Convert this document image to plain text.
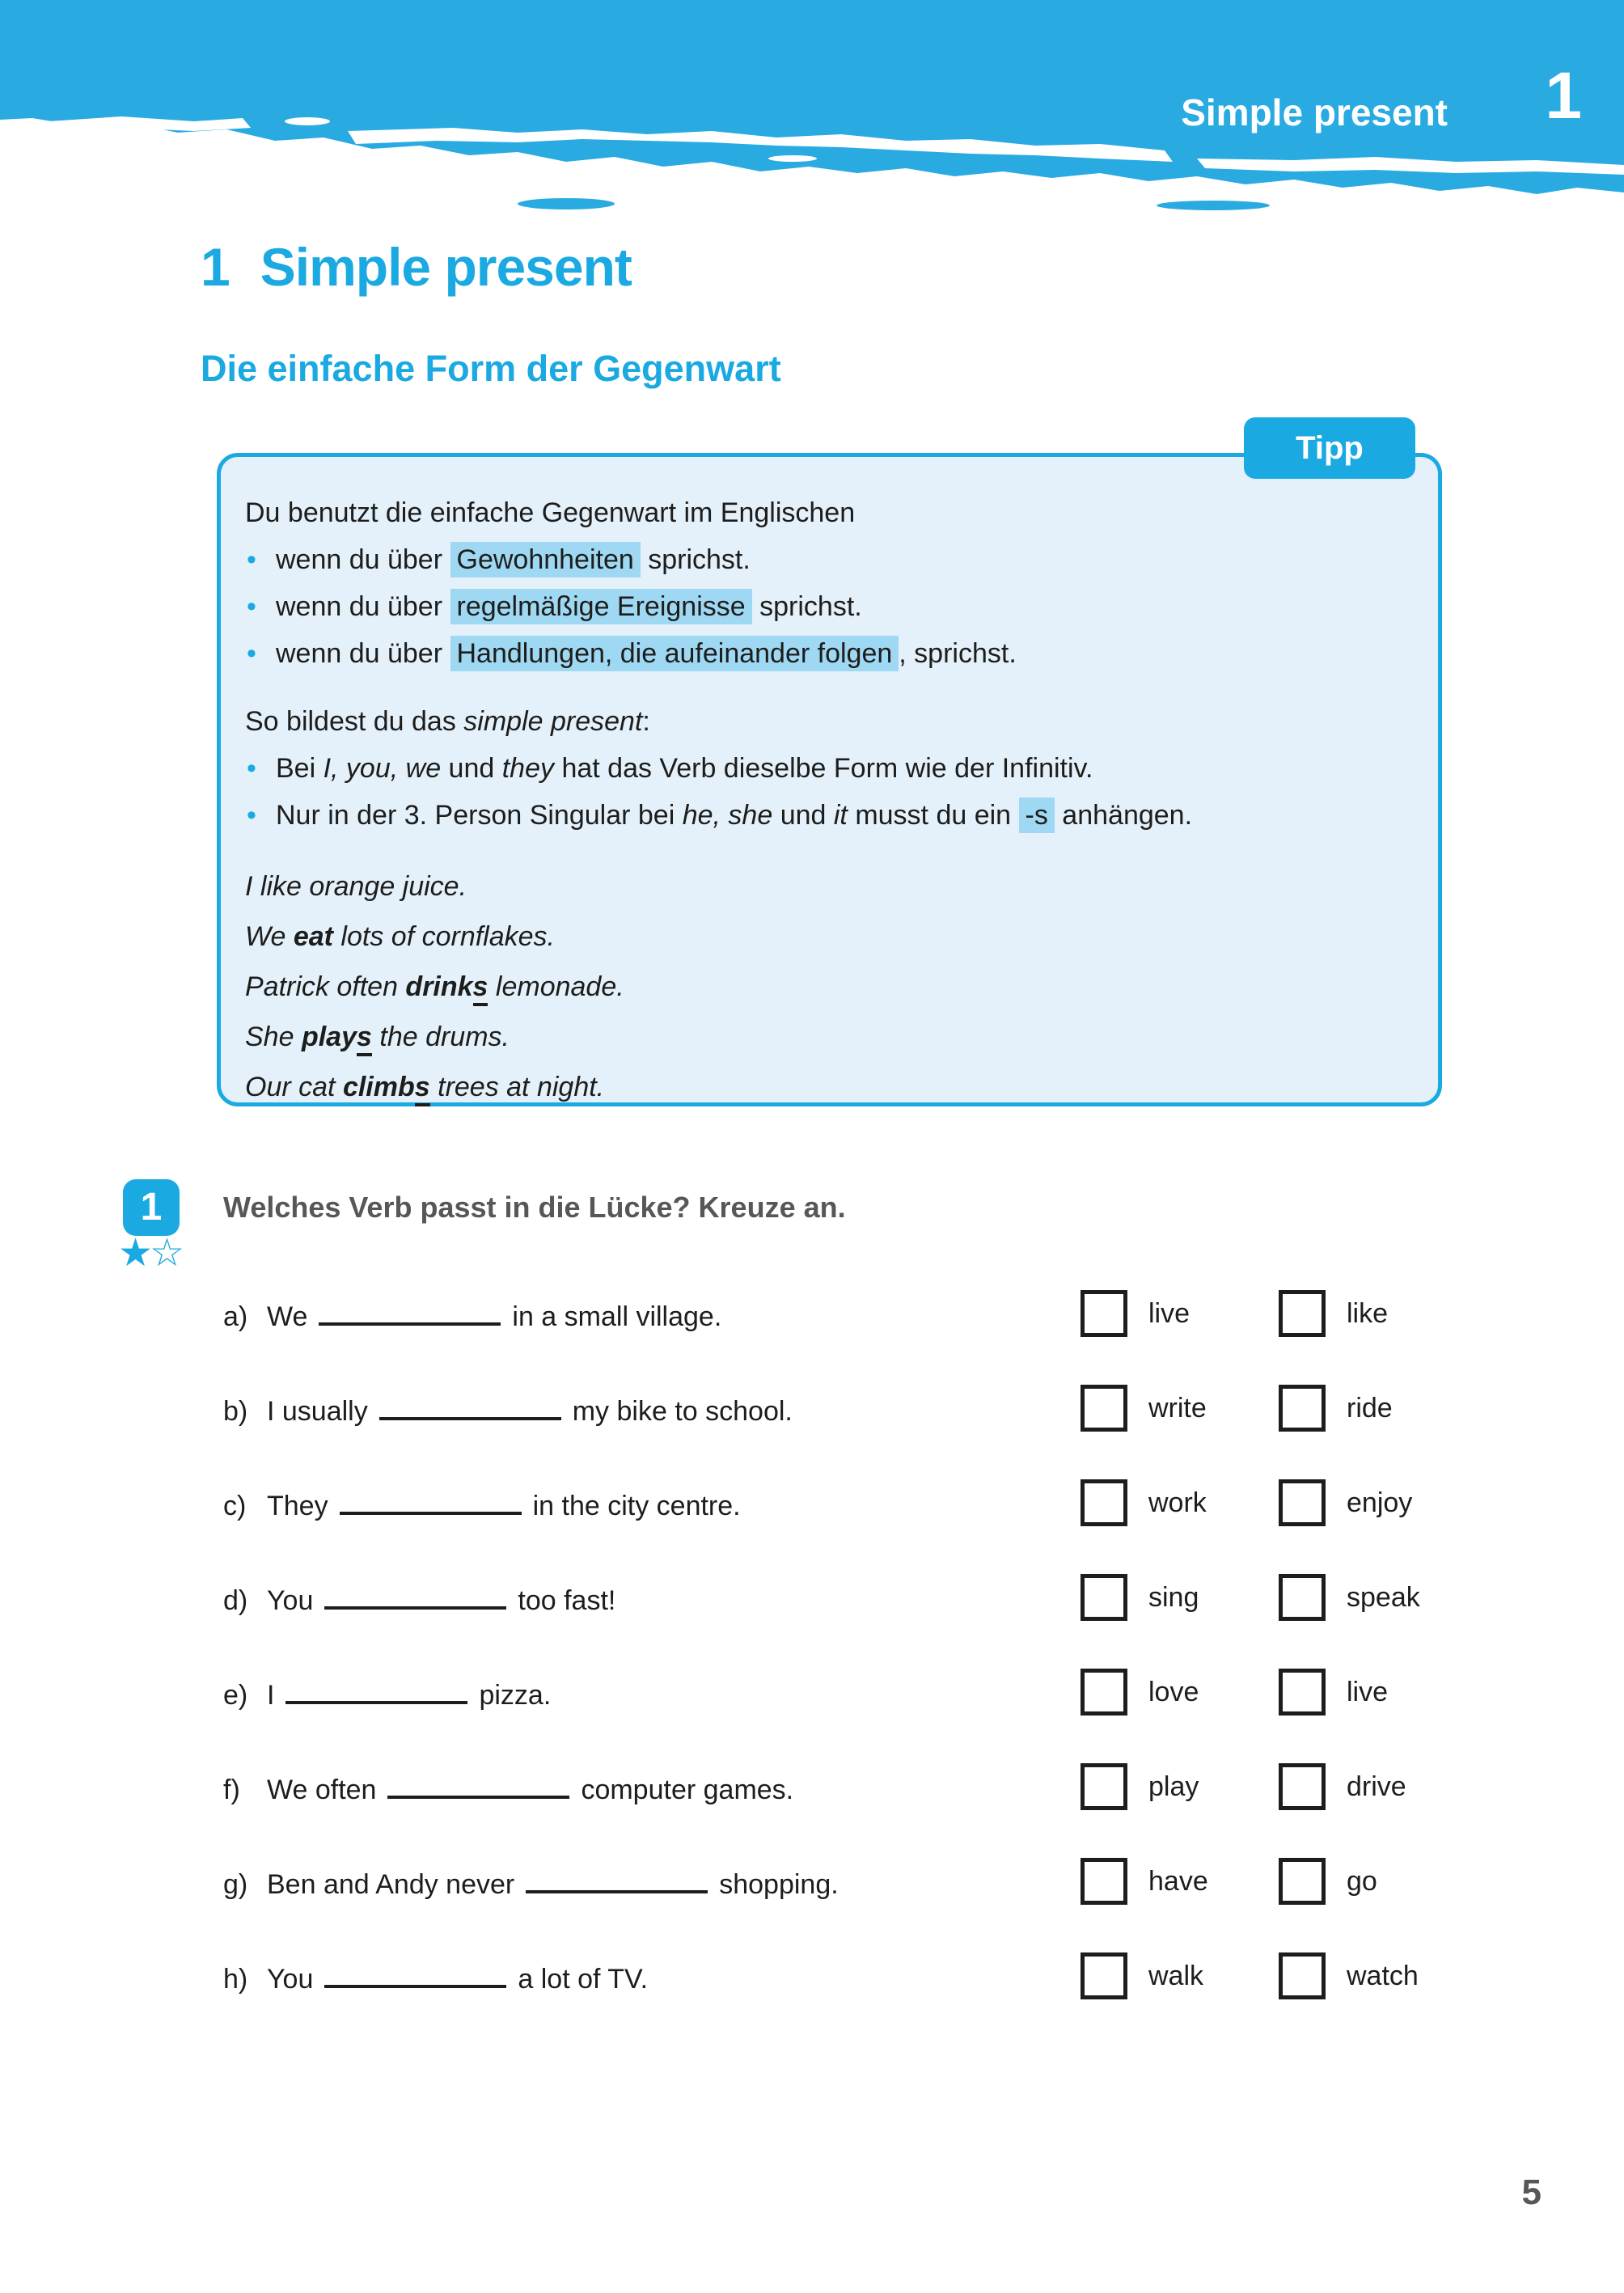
Simple present 1
1 Simple present
Die einfache Form der Gegenwart
Tipp

Du benutzt die einfache Gegenwart im Englischen

• wenn du über Gewohnheiten sprichst.
• wenn du über regelmäßige Ereignisse sprichst.
• wenn du über Handlungen, die aufeinander folgen , sprichst.

So bildest du das simple present:

• Bei I, you, we und they hat das Verb dieselbe Form wie der Infinitiv.
• Nur in der 3. Person Singular bei he, she und it musst du ein -s anhängen.

I like orange juice.

We eat lots of cornflakes.

Patrick often drinks lemonade.

She plays the drums.

Our cat climbs trees at night.

1
★☆
Welches Verb passt in die Lücke? Kreuze an.
a) We	in a small village.	live	like
b) I usually	my bike to school.	write	ride
c) They	in the city centre.	work	enjoy
d) You	too fast!	sing	speak
e) I	pizza.	love	live
f) We often	computer games.	play	drive
g) Ben and Andy never	shopping.	have	go
h) You	a lot of TV.	walk	watch
5
